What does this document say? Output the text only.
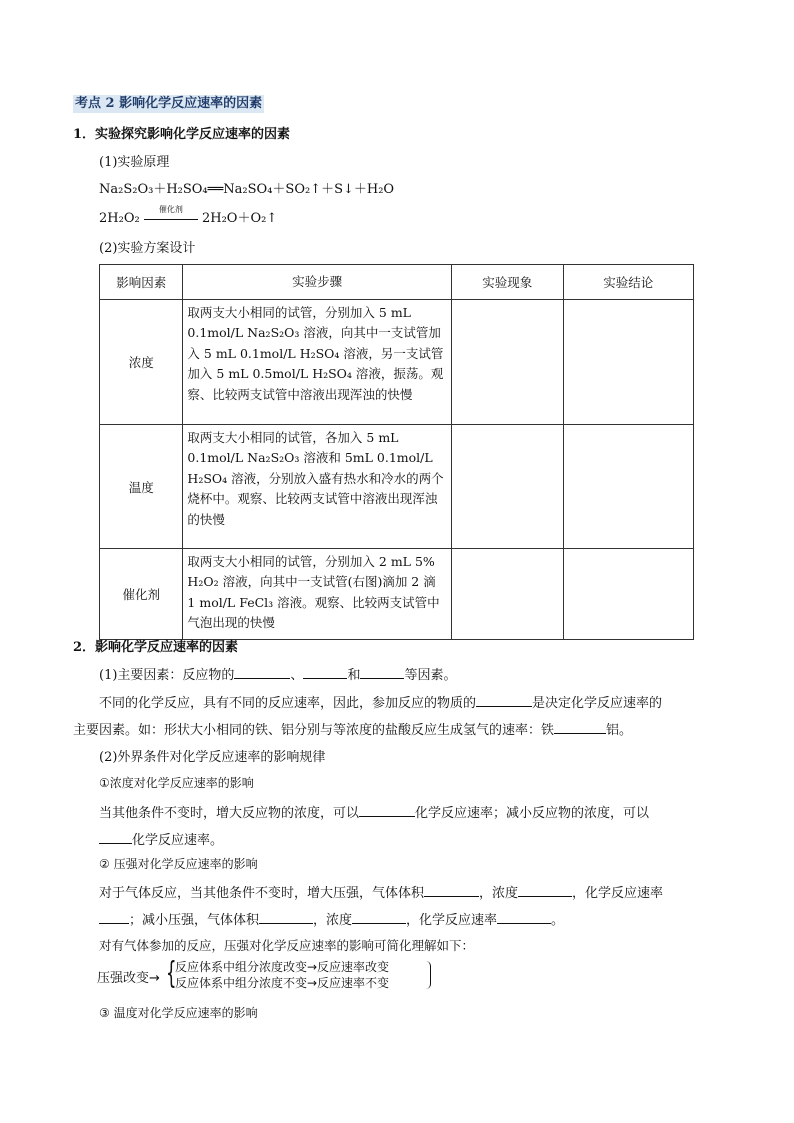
考点 2 影响化学反应速率的因素
1．实验探究影响化学反应速率的因素
(1)实验原理
Na₂S₂O₃＋H₂SO₄══Na₂SO₄＋SO₂↑＋S↓＋H₂O
2H₂O₂
催化剂
2H₂O＋O₂↑
(2)实验方案设计
影响因素	实验步骤	实验现象	实验结论
浓度	取两支大小相同的试管，分别加入 5 mL 0.1mol/L Na₂S₂O₃ 溶液，向其中一支试管加入 5 mL 0.1mol/L H₂SO₄ 溶液，另一支试管加入 5 mL 0.5mol/L H₂SO₄ 溶液，振荡。观察、比较两支试管中溶液出现浑浊的快慢		
温度	取两支大小相同的试管，各加入 5 mL 0.1mol/L Na₂S₂O₃ 溶液和 5mL 0.1mol/L H₂SO₄ 溶液，分别放入盛有热水和冷水的两个烧杯中。观察、比较两支试管中溶液出现浑浊的快慢		
催化剂	取两支大小相同的试管，分别加入 2 mL 5% H₂O₂ 溶液，向其中一支试管(右图)滴加 2 滴 1 mol/L FeCl₃ 溶液。观察、比较两支试管中气泡出现的快慢		
2．影响化学反应速率的因素
(1)主要因素：反应物的	、	和	等因素。
不同的化学反应，具有不同的反应速率，因此，参加反应的物质的	是决定化学反应速率的
主要因素。如：形状大小相同的铁、铝分别与等浓度的盐酸反应生成氢气的速率：铁	铝。
(2)外界条件对化学反应速率的影响规律
①浓度对化学反应速率的影响
当其他条件不变时，增大反应物的浓度，可以	化学反应速率；减小反应物的浓度，可以
化学反应速率。
② 压强对化学反应速率的影响
对于气体反应，当其他条件不变时，增大压强，气体体积	，浓度	，化学反应速率
；减小压强，气体体积	，浓度	，化学反应速率	。
对有气体参加的反应，压强对化学反应速率的影响可简化理解如下：
压强改变→ {
反应体系中组分浓度改变→反应速率改变
反应体系中组分浓度不变→反应速率不变
③ 温度对化学反应速率的影响
